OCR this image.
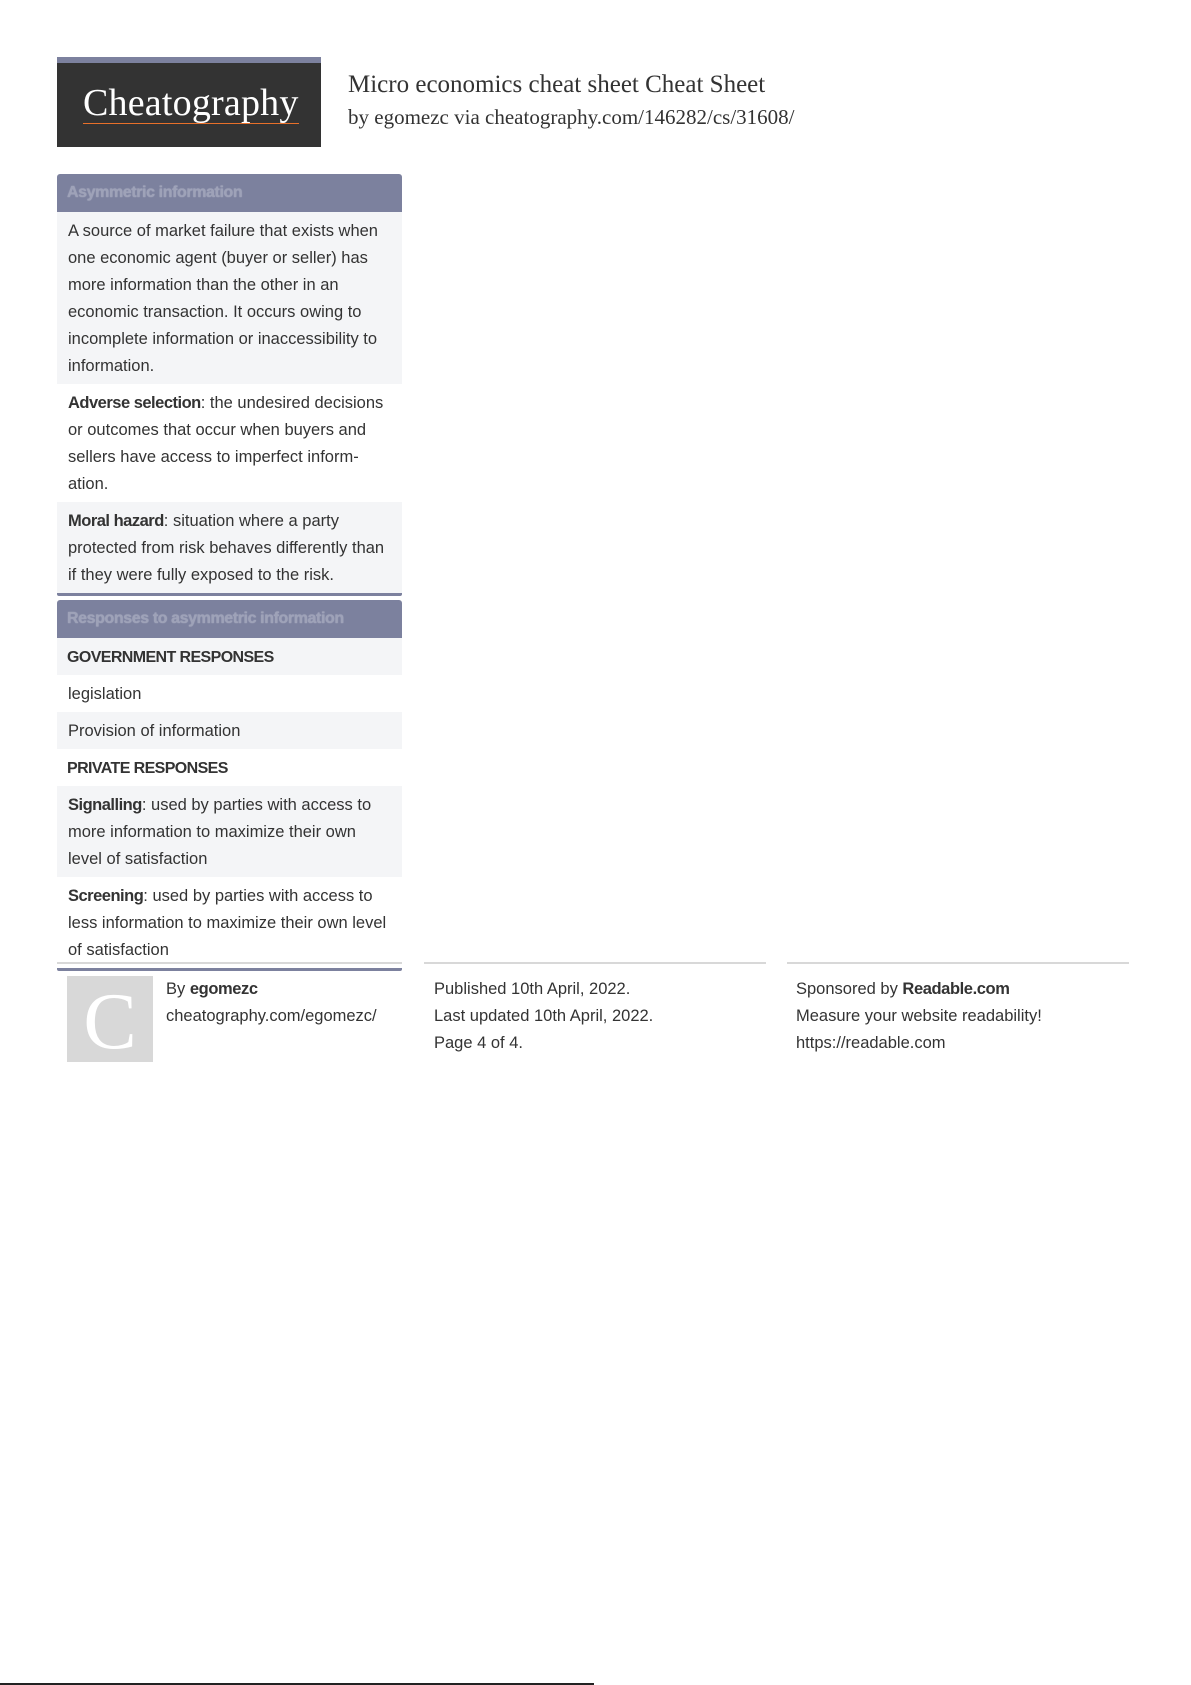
Cheatography Micro economics cheat sheet Cheat Sheet
by egomezc via cheatography.com/146282/cs/31608/
Asymmetric information
A source of market failure that exists when one economic agent (buyer or seller) has more information than the other in an economic transaction. It occurs owing to incomplete information or inaccessibility to information.
Adverse selection: the undesired decisions or outcomes that occur when buyers and sellers have access to imperfect information.
Moral hazard: situation where a party protected from risk behaves differently than if they were fully exposed to the risk.
Responses to asymmetric information
GOVERNMENT RESPONSES
legislation
Provision of information
PRIVATE RESPONSES
Signalling: used by parties with access to more information to maximize their own level of satisfaction
Screening: used by parties with access to less information to maximize their own level of satisfaction
C	By egomezc
cheatography.com/egomezc/
Published 10th April, 2022.
Last updated 10th April, 2022.
Page 4 of 4.
Sponsored by Readable.com
Measure your website readability!
https://readable.com
